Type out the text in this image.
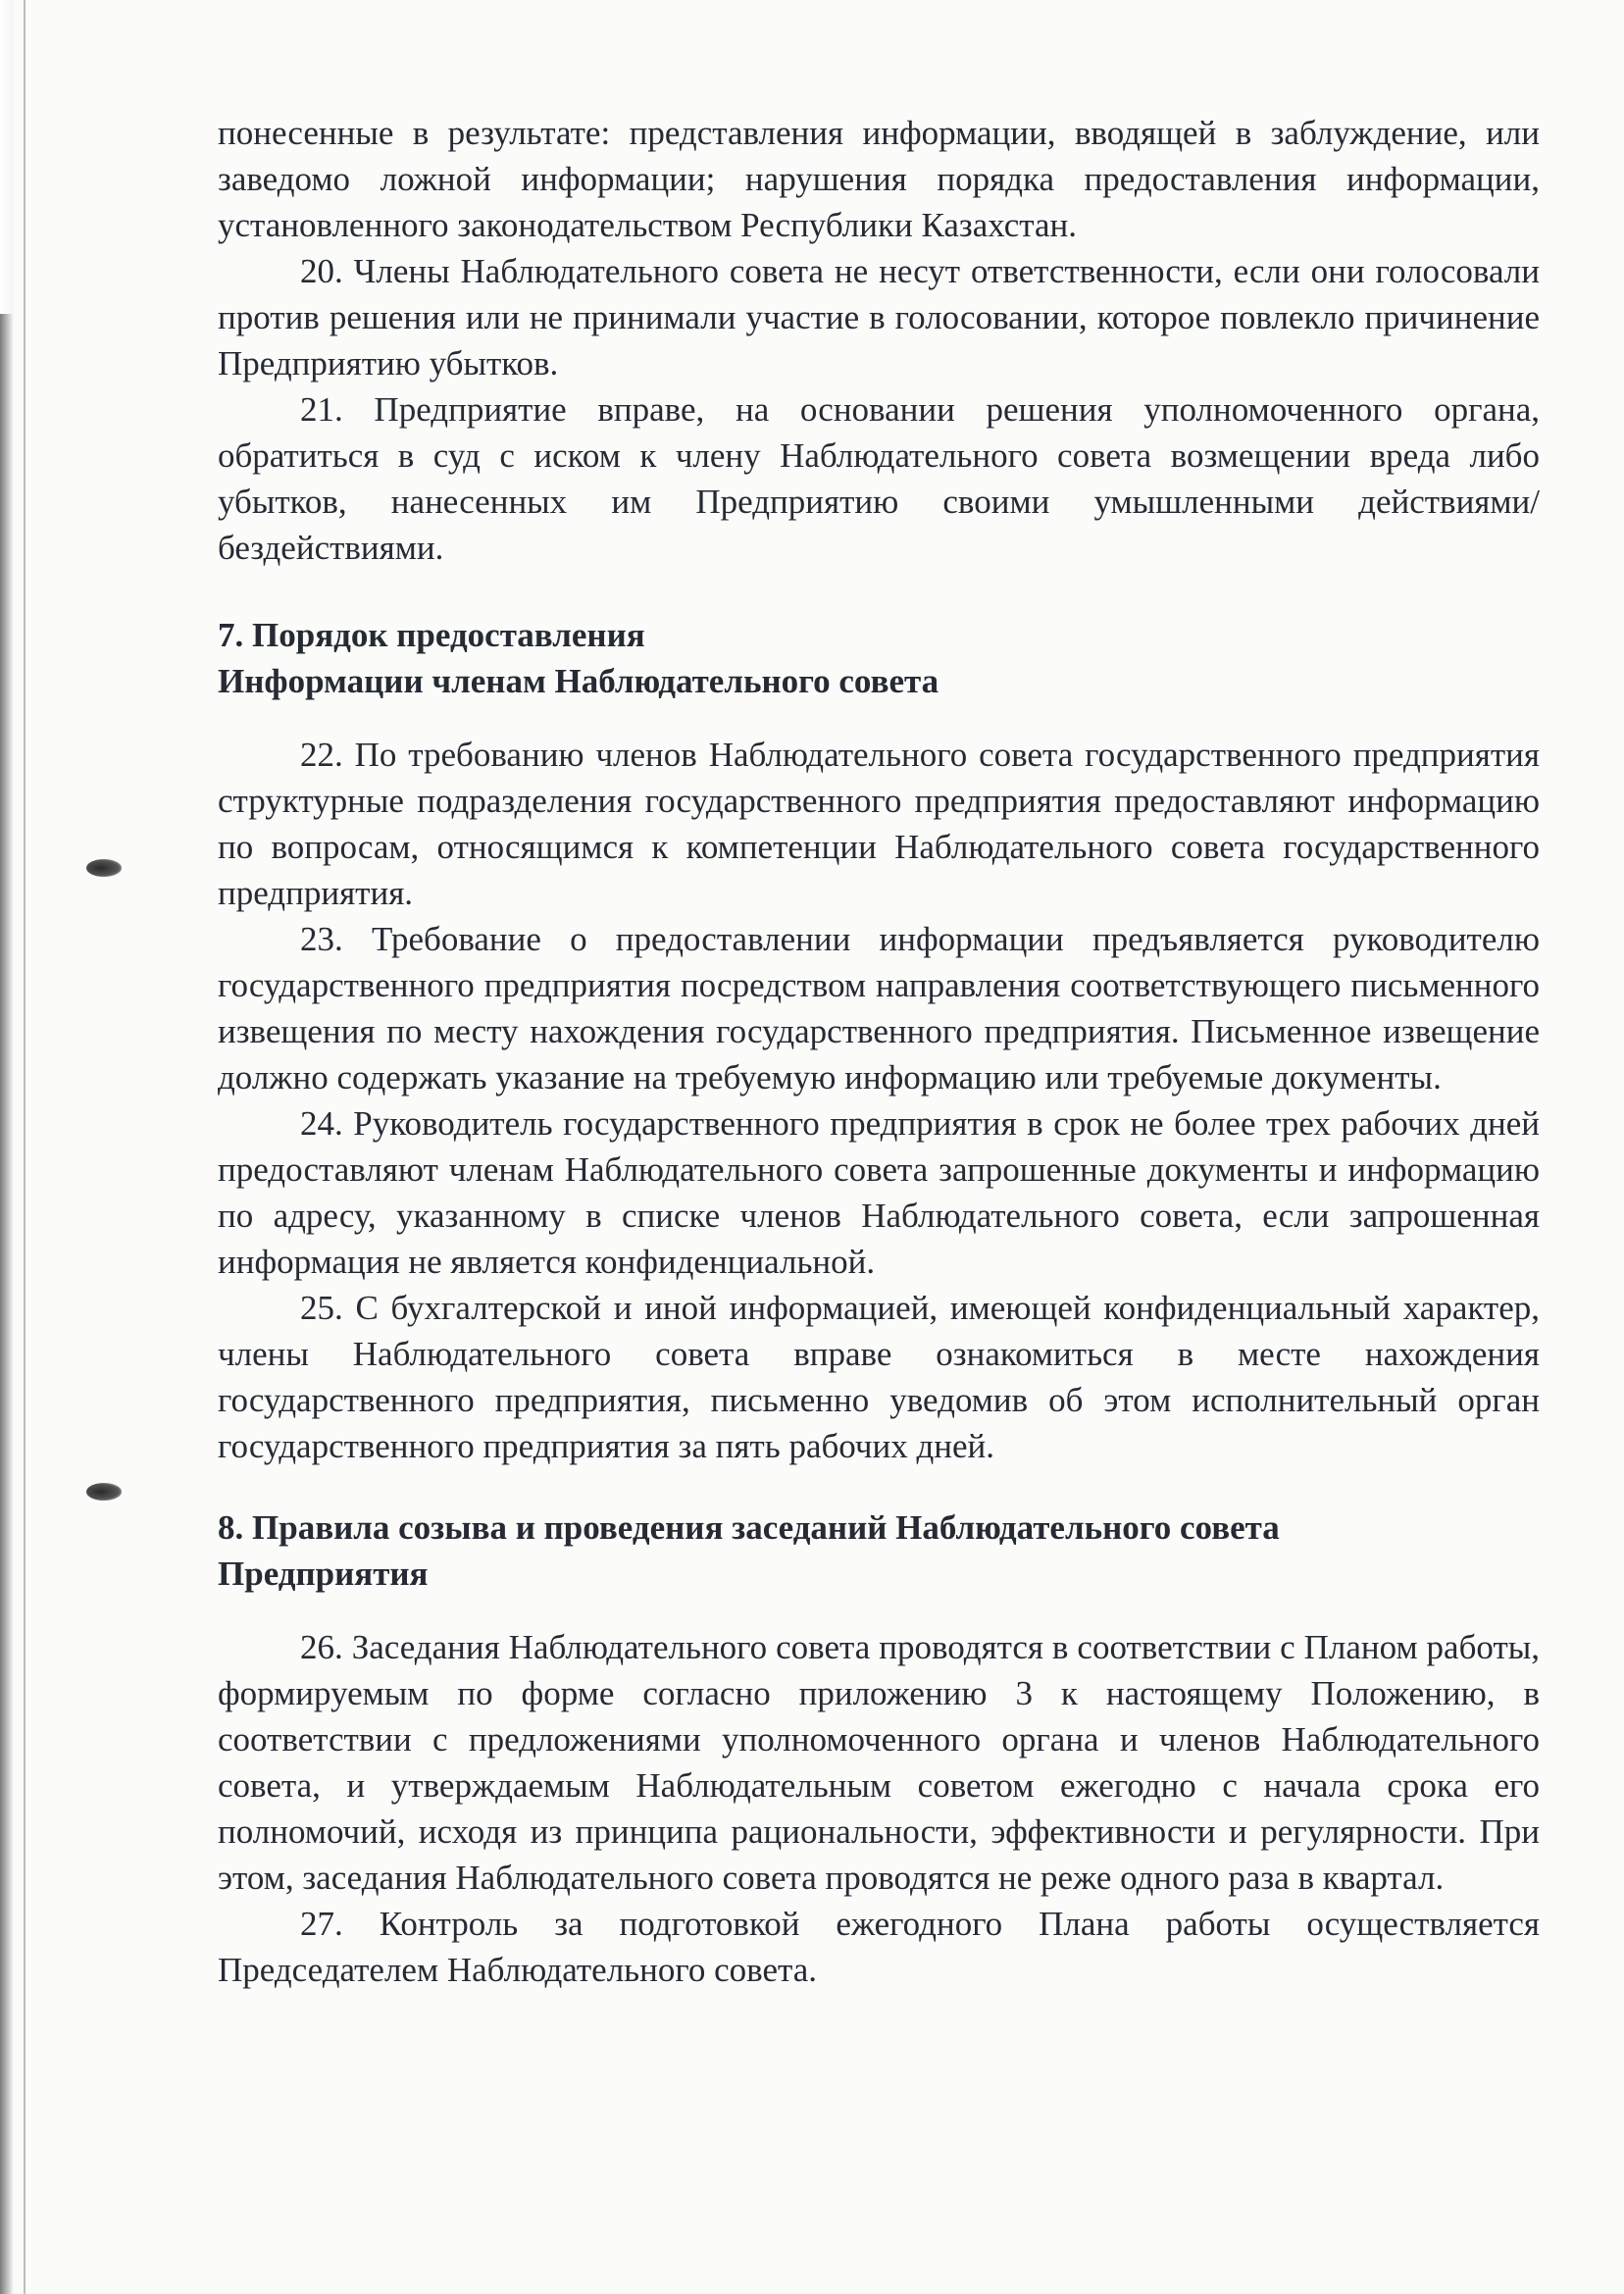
понесенные в результате: представления информации, вводящей в заблуждение, или заведомо ложной информации; нарушения порядка предоставления информации, установленного законодательством Республики Казахстан.

20. Члены Наблюдательного совета не несут ответственности, если они голосовали против решения или не принимали участие в голосовании, которое повлекло причинение Предприятию убытков.

21. Предприятие вправе, на основании решения уполномоченного органа, обратиться в суд с иском к члену Наблюдательного совета возмещении вреда либо убытков, нанесенных им Предприятию своими умышленными действиями/бездействиями.

7. Порядок предоставления

Информации членам Наблюдательного совета

22. По требованию членов Наблюдательного совета государственного предприятия структурные подразделения государственного предприятия предоставляют информацию по вопросам, относящимся к компетенции Наблюдательного совета государственного предприятия.

23. Требование о предоставлении информации предъявляется руководителю государственного предприятия посредством направления соответствующего письменного извещения по месту нахождения государственного предприятия. Письменное извещение должно содержать указание на требуемую информацию или требуемые документы.

24. Руководитель государственного предприятия в срок не более трех рабочих дней предоставляют членам Наблюдательного совета запрошенные документы и информацию по адресу, указанному в списке членов Наблюдательного совета, если запрошенная информация не является конфиденциальной.

25. С бухгалтерской и иной информацией, имеющей конфиденциальный характер, члены Наблюдательного совета вправе ознакомиться в месте нахождения государственного предприятия, письменно уведомив об этом исполнительный орган государственного предприятия за пять рабочих дней.

8. Правила созыва и проведения заседаний Наблюдательного совета

Предприятия

26. Заседания Наблюдательного совета проводятся в соответствии с Планом работы, формируемым по форме согласно приложению 3 к настоящему Положению, в соответствии с предложениями уполномоченного органа и членов Наблюдательного совета, и утверждаемым Наблюдательным советом ежегодно с начала срока его полномочий, исходя из принципа рациональности, эффективности и регулярности. При этом, заседания Наблюдательного совета проводятся не реже одного раза в квартал.

27. Контроль за подготовкой ежегодного Плана работы осуществляется Председателем Наблюдательного совета.
